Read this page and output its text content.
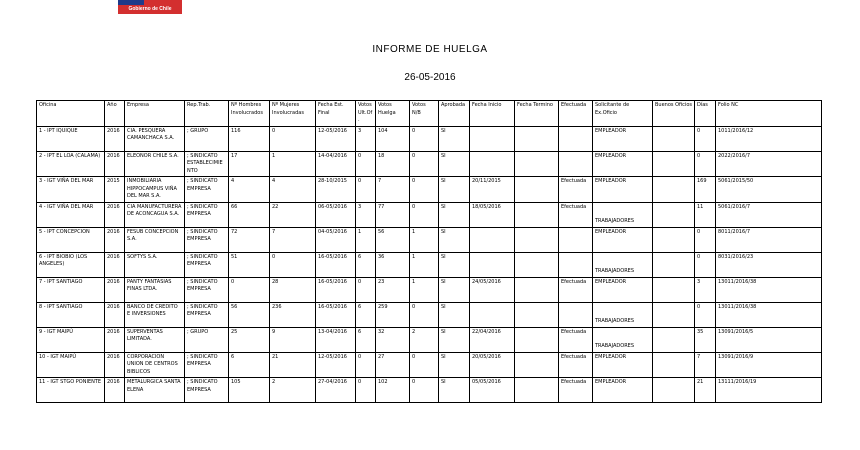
Gobierno de Chile
INFORME DE HUELGA
26-05-2016
Oficina	Año	Empresa	Rep.Trab.	Nº Hombres Involucrados	Nº Mujeres Involucradas	Fecha Est. Final	Votos Ult.Of.	Votos Huelga	Votos N/B	Aprobada	Fecha Inicio	Fecha Termino	Efectuada	Solicitante de Ex.Oficio	Buenos Oficios	Días	Folio NC
1 - IPT IQUIQUE	2016	CIA. PESQUERA CAMANCHACA S.A.	; GRUPO	116	0	12-05/2016	3	104	0	SI				EMPLEADOR		0	1011/2016/12
2 - IPT EL LOA (CALAMA)	2016	ELEONOR CHILE S.A.	; SINDICATO ESTABLECIMIENTO	17	1	14-04/2016	0	18	0	SI				EMPLEADOR		0	2022/2016/7
3 - IGT VIÑA DEL MAR	2015	INMOBILIARIA HIPPOCAMPUS VIÑA DEL MAR S.A.	; SINDICATO EMPRESA	4	4	28-10/2015	0	7	0	SI	20/11/2015		Efectuada	EMPLEADOR		169	5061/2015/50
4 - IGT VIÑA DEL MAR	2016	CIA MANUFACTURERA DE ACONCAGUA S.A.	; SINDICATO EMPRESA	66	22	06-05/2016	3	77	0	SI	18/05/2016		Efectuada	TRABAJADORES		11	5061/2016/7
5 - IPT CONCEPCION	2016	FESUB CONCEPCION S.A.	; SINDICATO EMPRESA	72	7	04-05/2016	1	56	1	SI				EMPLEADOR		0	8011/2016/7
6 - IPT BIOBIO (LOS ANGELES)	2016	SOFTYS S.A.	; SINDICATO EMPRESA	51	0	16-05/2016	6	36	1	SI				TRABAJADORES		0	8031/2016/23
7 - IPT SANTIAGO	2016	PANTY FANTASIAS FINAS LTDA.	; SINDICATO EMPRESA	0	28	16-05/2016	0	23	1	SI	24/05/2016		Efectuada	EMPLEADOR		3	13011/2016/38
8 - IPT SANTIAGO	2016	BANCO DE CREDITO E INVERSIONES	; SINDICATO EMPRESA	56	236	16-05/2016	6	259	0	SI				TRABAJADORES		0	13011/2016/38
9 - IGT MAIPÚ	2016	SUPERVENTAS LIMITADA.	; GRUPO	25	9	13-04/2016	6	32	2	SI	22/04/2016		Efectuada	TRABAJADORES		35	13091/2016/5
10 - IGT MAIPÚ	2016	CORPORACION UNION DE CENTROS BIBLICOS	; SINDICATO EMPRESA	6	21	12-05/2016	0	27	0	SI	20/05/2016		Efectuada	EMPLEADOR		7	13091/2016/9
11 - IGT STGO PONIENTE	2016	METALURGICA SANTA ELENA	; SINDICATO EMPRESA	105	2	27-04/2016	0	102	0	SI	05/05/2016		Efectuada	EMPLEADOR		21	13111/2016/19
